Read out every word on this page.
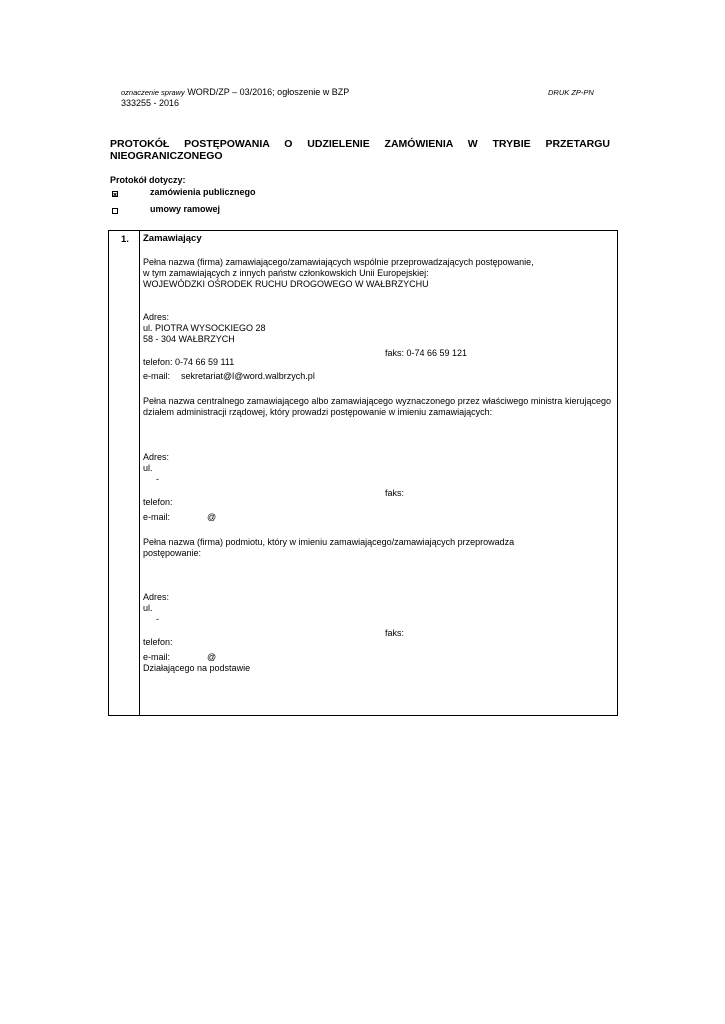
oznaczenie sprawy WORD/ZP – 03/2016; ogłoszenie w BZP
333255 - 2016
DRUK ZP-PN
PROTOKÓŁ POSTĘPOWANIA O UDZIELENIE ZAMÓWIENIA W TRYBIE PRZETARGU
NIEOGRANICZONEGO
Protokół dotyczy:
zamówienia publicznego
umowy ramowej
1. Zamawiający
Pełna nazwa (firma) zamawiającego/zamawiających wspólnie przeprowadzających postępowanie,
w tym zamawiających z innych państw członkowskich Unii Europejskiej:
WOJEWÓDZKI OŚRODEK RUCHU DROGOWEGO W WAŁBRZYCHU
Adres:
ul. PIOTRA WYSOCKIEGO 28
58 - 304 WAŁBRZYCH
faks: 0-74 66 59 121
telefon: 0-74 66 59 111
e-mail: sekretariat@l@word.walbrzych.pl
Pełna nazwa centralnego zamawiającego albo zamawiającego wyznaczonego przez właściwego ministra kierującego działem administracji rządowej, który prowadzi postępowanie w imieniu zamawiających:
Adres:
ul.
-
faks:
telefon:
e-mail:	@
Pełna nazwa (firma) podmiotu, który w imieniu zamawiającego/zamawiających przeprowadza
postępowanie:
Adres:
ul.
-
faks:
telefon:
e-mail:	@
Działającego na podstawie
